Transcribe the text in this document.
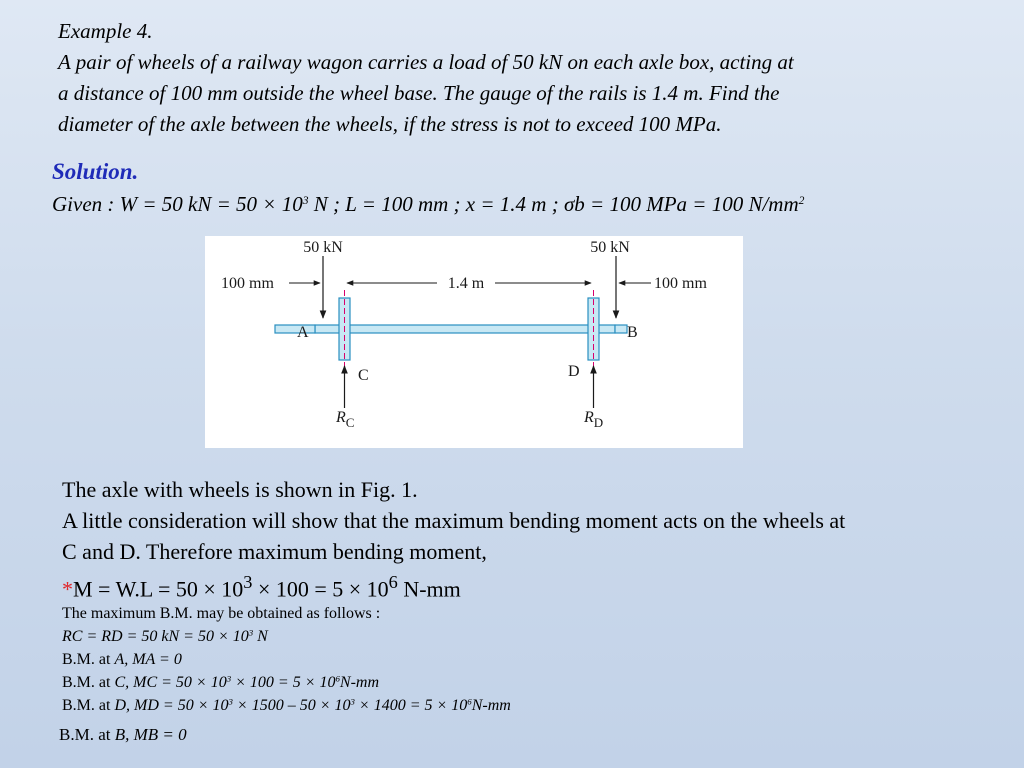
Example 4.
A pair of wheels of a railway wagon carries a load of 50 kN on each axle box, acting at
a distance of 100 mm outside the wheel base. The gauge of the rails is 1.4 m. Find the
diameter of the axle between the wheels, if the stress is not to exceed 100 MPa.
Solution.
Given : W = 50 kN = $50 \times 10^3$ N ; L = 100 mm ; x = 1.4 m ; σb = 100 MPa = 100 $N/mm^2$
50 kN	50 kN
100 mm	1.4 m	100 mm
A	B
C	D
$R_C$	$R_D$
The axle with wheels is shown in Fig. 1.
A little consideration will show that the maximum bending moment acts on the wheels at
C and D. Therefore maximum bending moment,
$*M = W.L = 50 \times 10^3 \times 100 = 5 \times 10^6$ N-mm
The maximum B.M. may be obtained as follows :
RC = RD = 50 kN = $50 \times 10^3$ N
B.M. at A, MA = 0
B.M. at C, MC = $50 \times 10^3 \times 100 = 5 \times 10^6N-mm$
B.M. at D, MD = $50 \times 10^3 \times 1500 - 50 \times 10^3 \times 1400 = 5 \times 10^6N-mm$
B.M. at B, MB = 0
